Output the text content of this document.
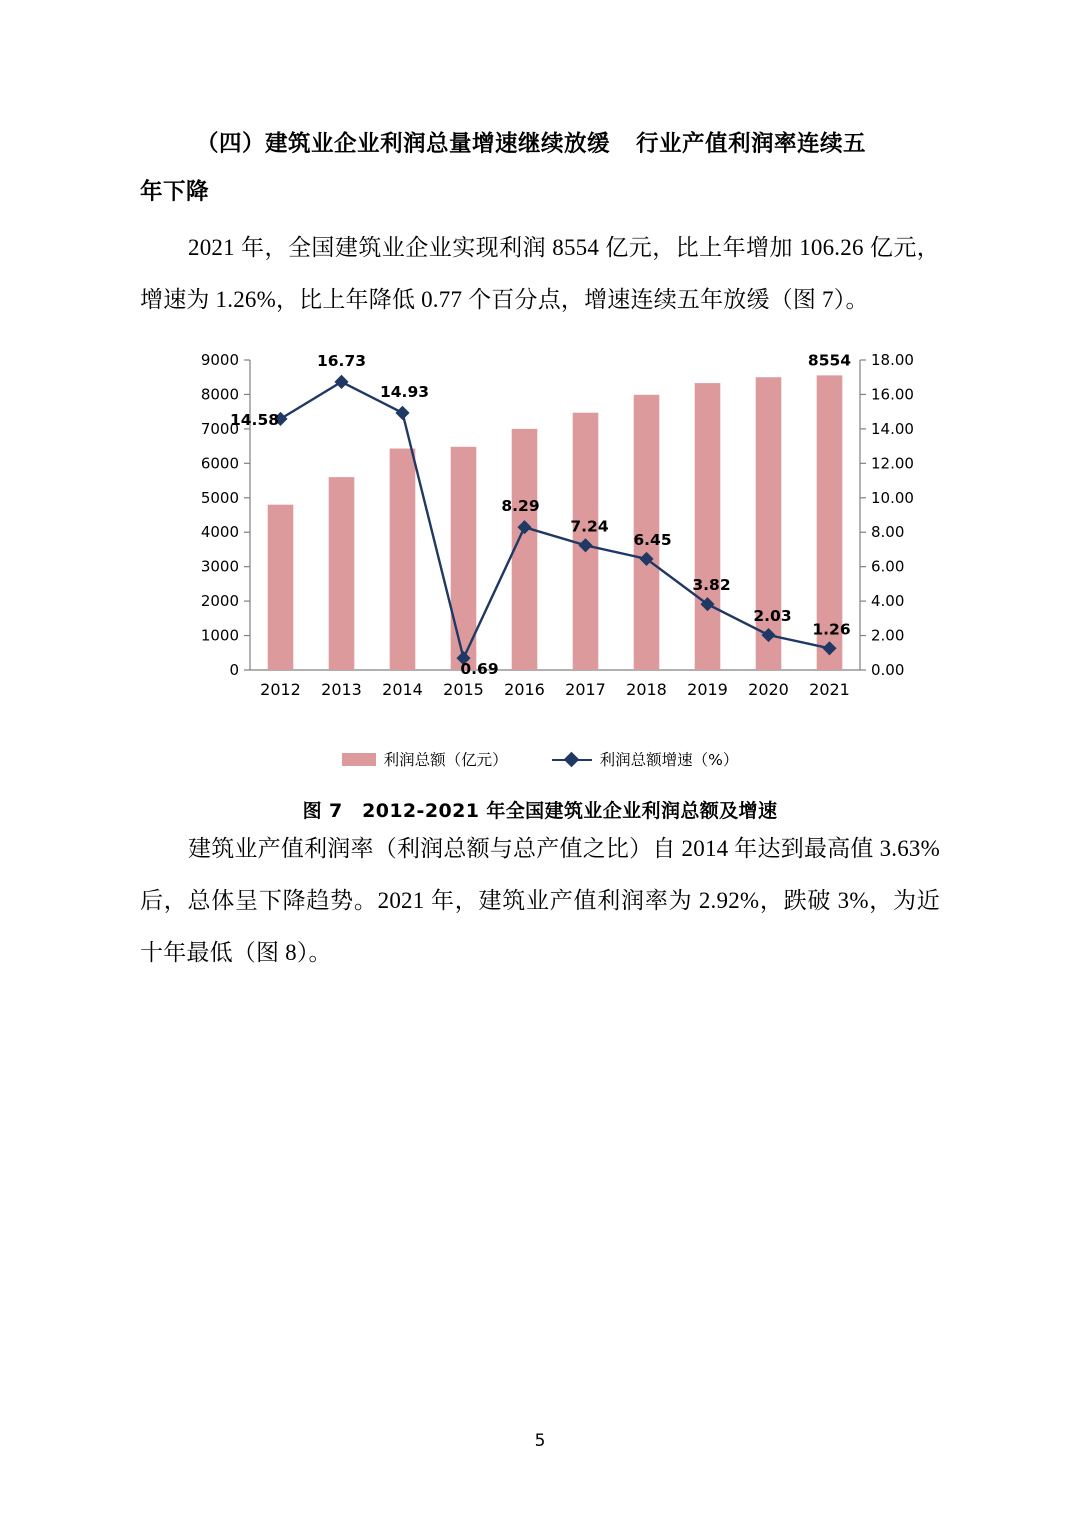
（四）建筑业企业利润总量增速继续放缓 行业产值利润率连续五
年下降

2021 年，全国建筑业企业实现利润 8554 亿元，比上年增加 106.26 亿元，增速为 1.26%，比上年降低 0.77 个百分点，增速连续五年放缓（图 7）。

0
1000
2000
3000
4000
5000
6000
7000
8000
9000
0.00
2.00
4.00
6.00
8.00
10.00
12.00
14.00
16.00
18.00
2012 2013 2014 2015 2016 2017 2018 2019 2020 2021
14.58
16.73
14.93
0.69
8.29
7.24
6.45
3.82
2.03
1.26
8554
利润总额（亿元）	利润总额增速（%）
图 7　2012-2021 年全国建筑业企业利润总额及增速

建筑业产值利润率（利润总额与总产值之比）自 2014 年达到最高值 3.63%后，总体呈下降趋势。2021 年，建筑业产值利润率为 2.92%，跌破 3%，为近十年最低（图 8）。

5
